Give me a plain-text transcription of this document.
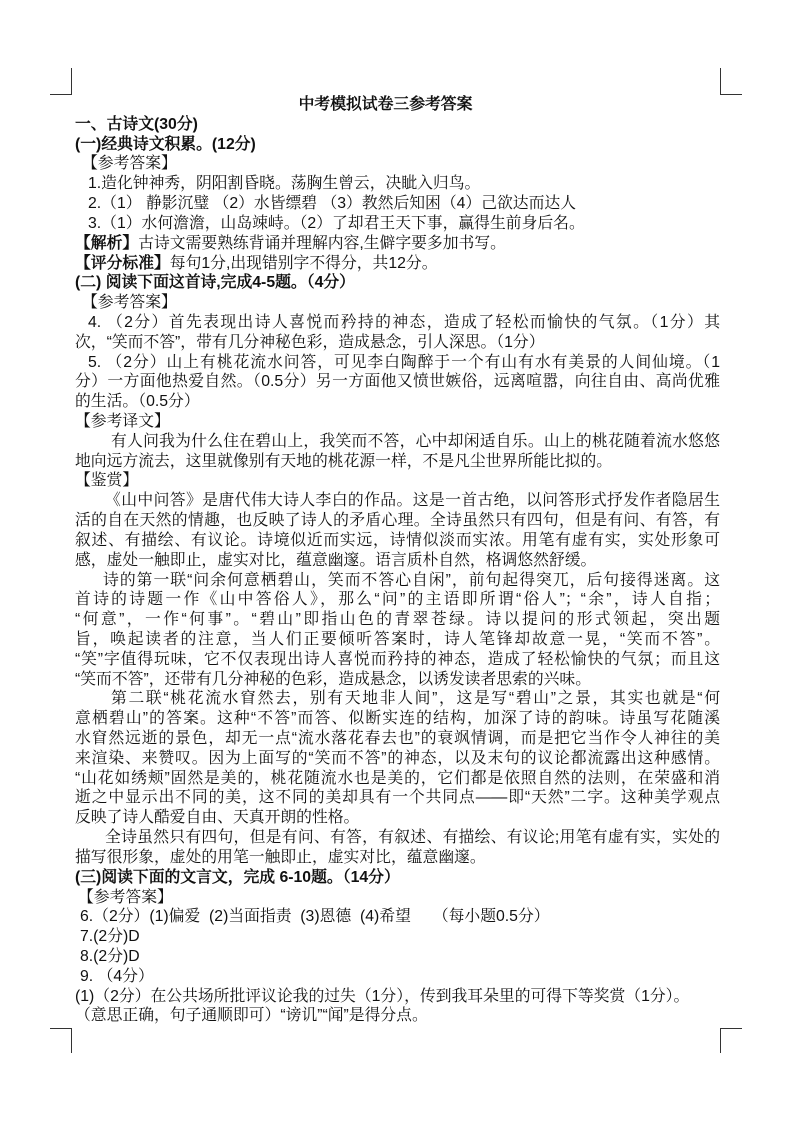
中考模拟试卷三参考答案
一、古诗文(30分)
(一)经典诗文积累。(12分)
【参考答案】
1.造化钟神秀，阴阳割昏晓。荡胸生曾云，决眦入归鸟。
2.（1） 静影沉璧 （2）水皆缥碧 （3）教然后知困（4）己欲达而达人
3.（1）水何澹澹，山岛竦峙。（2）了却君王天下事，赢得生前身后名。
【解析】古诗文需要熟练背诵并理解内容,生僻字要多加书写。
【评分标准】每句1分,出现错别字不得分，共12分。
(二) 阅读下面这首诗,完成4-5题。（4分）
【参考答案】
4. （2分）首先表现出诗人喜悦而矜持的神态，造成了轻松而愉快的气氛。（1分）其
次，“笑而不答”，带有几分神秘色彩，造成悬念，引人深思。（1分）
5. （2分）山上有桃花流水问答，可见李白陶醉于一个有山有水有美景的人间仙境。（1
分）一方面他热爱自然。（0.5分）另一方面他又愤世嫉俗，远离喧嚣，向往自由、高尚优雅
的生活。（0.5分）
【参考译文】
有人问我为什么住在碧山上，我笑而不答，心中却闲适自乐。山上的桃花随着流水悠悠
地向远方流去，这里就像别有天地的桃花源一样，不是凡尘世界所能比拟的。
【鉴赏】
《山中问答》是唐代伟大诗人李白的作品。这是一首古绝，以问答形式抒发作者隐居生
活的自在天然的情趣，也反映了诗人的矛盾心理。全诗虽然只有四句，但是有问、有答，有
叙述、有描绘、有议论。诗境似近而实远，诗情似淡而实浓。用笔有虚有实，实处形象可
感，虚处一触即止，虚实对比，蕴意幽邃。语言质朴自然，格调悠然舒缓。
诗的第一联“问余何意栖碧山，笑而不答心自闲”，前句起得突兀，后句接得迷离。这
首诗的诗题一作《山中答俗人》，那么“问”的主语即所谓“俗人”；“余”，诗人自指；
“何意”，一作“何事”。“碧山”即指山色的青翠苍绿。诗以提问的形式领起，突出题
旨，唤起读者的注意，当人们正要倾听答案时，诗人笔锋却故意一晃，“笑而不答”。
“笑”字值得玩味，它不仅表现出诗人喜悦而矜持的神态，造成了轻松愉快的气氛；而且这
“笑而不答”，还带有几分神秘的色彩，造成悬念，以诱发读者思索的兴味。
第二联“桃花流水窅然去，别有天地非人间”，这是写“碧山”之景，其实也就是“何
意栖碧山”的答案。这种“不答”而答、似断实连的结构，加深了诗的韵味。诗虽写花随溪
水窅然远逝的景色，却无一点“流水落花春去也”的衰飒情调，而是把它当作令人神往的美
来渲染、来赞叹。因为上面写的“笑而不答”的神态，以及末句的议论都流露出这种感情。
“山花如绣颊”固然是美的，桃花随流水也是美的，它们都是依照自然的法则，在荣盛和消
逝之中显示出不同的美，这不同的美却具有一个共同点——即“天然”二字。这种美学观点
反映了诗人酷爱自由、天真开朗的性格。
全诗虽然只有四句，但是有问、有答，有叙述、有描绘、有议论;用笔有虚有实，实处的
描写很形象，虚处的用笔一触即止，虚实对比，蕴意幽邃。
(三)阅读下面的文言文，完成 6-10题。（14分）
【参考答案】
6.（2分）(1)偏爱  (2)当面指责  (3)恩德  (4)希望     （每小题0.5分）
7.(2分)D
8.(2分)D
9. （4分）
(1)（2分）在公共场所批评议论我的过失（1分），传到我耳朵里的可得下等奖赏（1分）。
（意思正确，句子通顺即可）“谤讥”“闻”是得分点。
